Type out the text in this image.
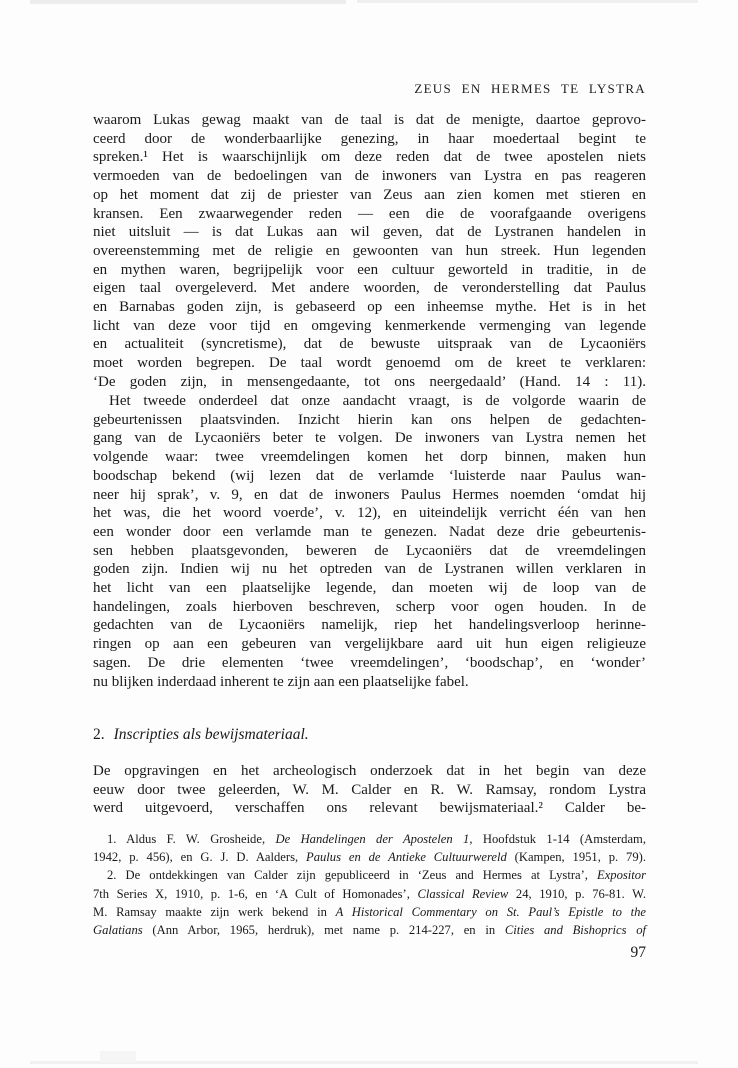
ZEUS EN HERMES TE LYSTRA
waarom Lukas gewag maakt van de taal is dat de menigte, daartoe geprovo-
ceerd door de wonderbaarlijke genezing, in haar moedertaal begint te
spreken.¹ Het is waarschijnlijk om deze reden dat de twee apostelen niets
vermoeden van de bedoelingen van de inwoners van Lystra en pas reageren
op het moment dat zij de priester van Zeus aan zien komen met stieren en
kransen. Een zwaarwegender reden — een die de voorafgaande overigens
niet uitsluit — is dat Lukas aan wil geven, dat de Lystranen handelen in
overeenstemming met de religie en gewoonten van hun streek. Hun legenden
en mythen waren, begrijpelijk voor een cultuur geworteld in traditie, in de
eigen taal overgeleverd. Met andere woorden, de veronderstelling dat Paulus
en Barnabas goden zijn, is gebaseerd op een inheemse mythe. Het is in het
licht van deze voor tijd en omgeving kenmerkende vermenging van legende
en actualiteit (syncretisme), dat de bewuste uitspraak van de Lycaoniërs
moet worden begrepen. De taal wordt genoemd om de kreet te verklaren:
‘De goden zijn, in mensengedaante, tot ons neergedaald’ (Hand. 14 : 11).
Het tweede onderdeel dat onze aandacht vraagt, is de volgorde waarin de
gebeurtenissen plaatsvinden. Inzicht hierin kan ons helpen de gedachten-
gang van de Lycaoniërs beter te volgen. De inwoners van Lystra nemen het
volgende waar: twee vreemdelingen komen het dorp binnen, maken hun
boodschap bekend (wij lezen dat de verlamde ‘luisterde naar Paulus wan-
neer hij sprak’, v. 9, en dat de inwoners Paulus Hermes noemden ‘omdat hij
het was, die het woord voerde’, v. 12), en uiteindelijk verricht één van hen
een wonder door een verlamde man te genezen. Nadat deze drie gebeurtenis-
sen hebben plaatsgevonden, beweren de Lycaoniërs dat de vreemdelingen
goden zijn. Indien wij nu het optreden van de Lystranen willen verklaren in
het licht van een plaatselijke legende, dan moeten wij de loop van de
handelingen, zoals hierboven beschreven, scherp voor ogen houden. In de
gedachten van de Lycaoniërs namelijk, riep het handelingsverloop herinne-
ringen op aan een gebeuren van vergelijkbare aard uit hun eigen religieuze
sagen. De drie elementen ‘twee vreemdelingen’, ‘boodschap’, en ‘wonder’
nu blijken inderdaad inherent te zijn aan een plaatselijke fabel.
2. Inscripties als bewijsmateriaal.
De opgravingen en het archeologisch onderzoek dat in het begin van deze
eeuw door twee geleerden, W. M. Calder en R. W. Ramsay, rondom Lystra
werd uitgevoerd, verschaffen ons relevant bewijsmateriaal.² Calder be-
1. Aldus F. W. Grosheide, De Handelingen der Apostelen 1, Hoofdstuk 1-14 (Amsterdam,
1942, p. 456), en G. J. D. Aalders, Paulus en de Antieke Cultuurwereld (Kampen, 1951, p. 79).
2. De ontdekkingen van Calder zijn gepubliceerd in ‘Zeus and Hermes at Lystra’, Expositor
7th Series X, 1910, p. 1-6, en ‘A Cult of Homonades’, Classical Review 24, 1910, p. 76-81. W.
M. Ramsay maakte zijn werk bekend in A Historical Commentary on St. Paul’s Epistle to the
Galatians (Ann Arbor, 1965, herdruk), met name p. 214-227, en in Cities and Bishoprics of
97
